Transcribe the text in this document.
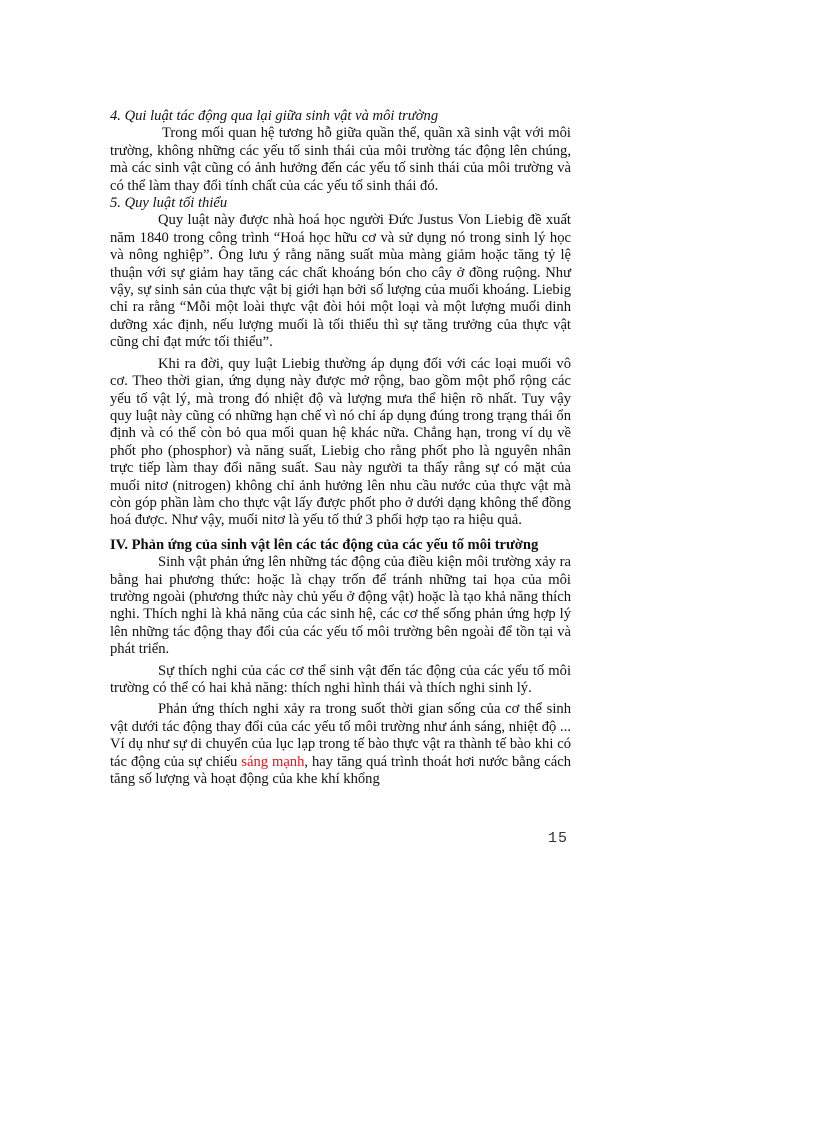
4. Qui luật tác động qua lại giữa sinh vật và môi trường

Trong mối quan hệ tương hỗ giữa quần thể, quần xã sinh vật với môi trường, không những các yếu tố sinh thái của môi trường tác động lên chúng, mà các sinh vật cũng có ảnh hưởng đến các yếu tố sinh thái của môi trường và có thể làm thay đổi tính chất của các yếu tố sinh thái đó.

5. Quy luật tối thiểu

Quy luật này được nhà hoá học người Đức Justus Von Liebig đề xuất năm 1840 trong công trình “Hoá học hữu cơ và sử dụng nó trong sinh lý học và nông nghiệp”. Ông lưu ý rằng năng suất mùa màng giảm hoặc tăng tỷ lệ thuận với sự giảm hay tăng các chất khoáng bón cho cây ở đồng ruộng. Như vậy, sự sinh sản của thực vật bị giới hạn bởi số lượng của muối khoáng. Liebig chỉ ra rằng “Mỗi một loài thực vật đòi hỏi một loại và một lượng muối dinh dưỡng xác định, nếu lượng muối là tối thiểu thì sự tăng trưởng của thực vật cũng chỉ đạt mức tối thiểu”.

Khi ra đời, quy luật Liebig thường áp dụng đối với các loại muối vô cơ. Theo thời gian, ứng dụng này được mở rộng, bao gồm một phổ rộng các yếu tố vật lý, mà trong đó nhiệt độ và lượng mưa thể hiện rõ nhất. Tuy vậy quy luật này cũng có những hạn chế vì nó chỉ áp dụng đúng trong trạng thái ổn định và có thể còn bỏ qua mối quan hệ khác nữa. Chẳng hạn, trong ví dụ về phốt pho (phosphor) và năng suất, Liebig cho rằng phốt pho là nguyên nhân trực tiếp làm thay đổi năng suất. Sau này người ta thấy rằng sự có mặt của muối nitơ (nitrogen) không chỉ ảnh hưởng lên nhu cầu nước của thực vật mà còn góp phần làm cho thực vật lấy được phốt pho ở dưới dạng không thể đồng hoá được. Như vậy, muối nitơ là yếu tố thứ 3 phối hợp tạo ra hiệu quả.

IV. Phản ứng của sinh vật lên các tác động của các yếu tố môi trường

Sinh vật phản ứng lên những tác động của điều kiện môi trường xảy ra bằng hai phương thức: hoặc là chạy trốn để tránh những tai họa của môi trường ngoài (phương thức này chủ yếu ở động vật) hoặc là tạo khả năng thích nghi. Thích nghi là khả năng của các sinh hệ, các cơ thể sống phản ứng hợp lý lên những tác động thay đổi của các yếu tố môi trường bên ngoài để tồn tại và phát triển.

Sự thích nghi của các cơ thể sinh vật đến tác động của các yếu tố môi trường có thể có hai khả năng: thích nghi hình thái và thích nghi sinh lý.

Phản ứng thích nghi xảy ra trong suốt thời gian sống của cơ thể sinh vật dưới tác động thay đổi của các yếu tố môi trường như ánh sáng, nhiệt độ ... Ví dụ như sự di chuyển của lục lạp trong tế bào thực vật ra thành tế bào khi có tác động của sự chiếu sáng mạnh, hay tăng quá trình thoát hơi nước bằng cách tăng số lượng và hoạt động của khe khí khổng

15
